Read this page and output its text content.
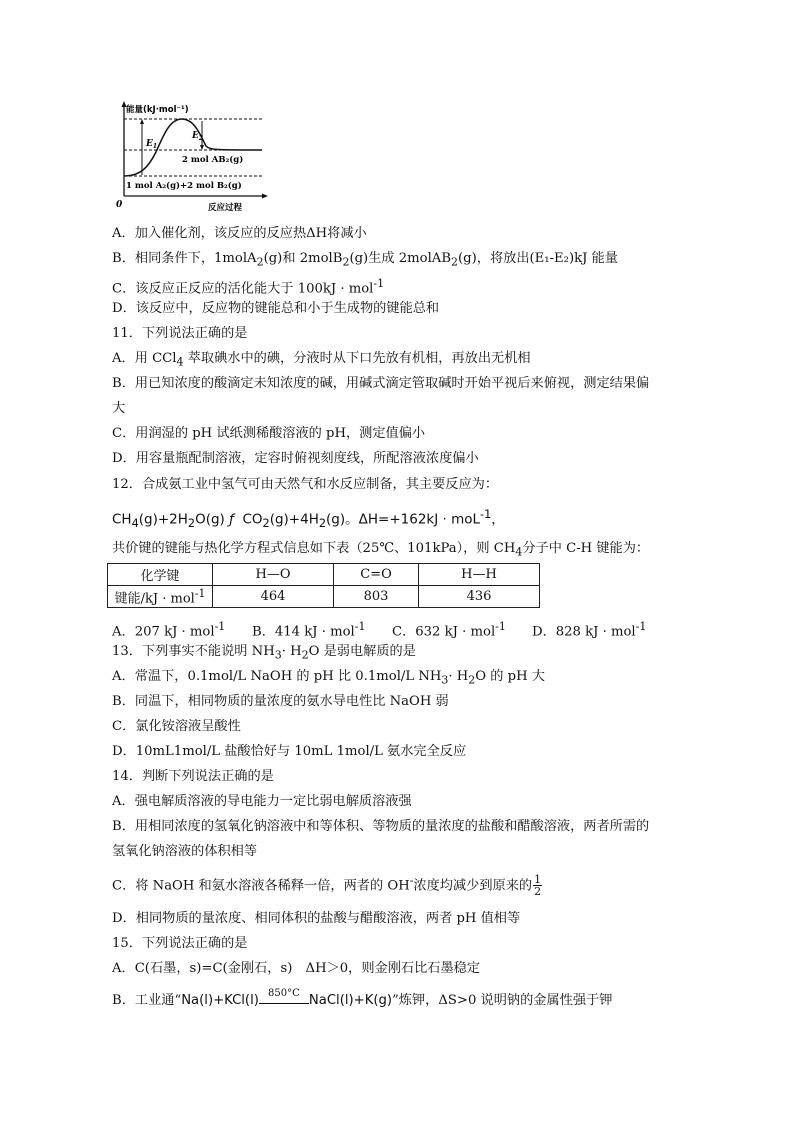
能量(kJ·mol⁻¹)
0	反应过程
$E_1$
$E_2$
2 mol AB₂(g)
1 mol A₂(g)+2 mol B₂(g)
A．加入催化剂，该反应的反应热ΔH将减小
B．相同条件下，1molA$_2$(g)和 2molB$_2$(g)生成 2molAB$_2$(g)，将放出(E₁-E₂)kJ 能量
C．该反应正反应的活化能大于 100kJ · mol$^{-1}$
D．该反应中，反应物的键能总和小于生成物的键能总和
11．下列说法正确的是
A．用 CCl$_4$ 萃取碘水中的碘，分液时从下口先放有机相，再放出无机相
B．用已知浓度的酸滴定未知浓度的碱，用碱式滴定管取碱时开始平视后来俯视，测定结果偏
大
C．用润湿的 pH 试纸测稀酸溶液的 pH，测定值偏小
D．用容量瓶配制溶液，定容时俯视刻度线，所配溶液浓度偏小
12．合成氨工业中氢气可由天然气和水反应制备，其主要反应为：
$CH_4(g)+2H_2O(g)$ ƒ $CO_2(g)+4H_2(g)$。ΔH=+162kJ · moL$^{-1}$，
共价键的键能与热化学方程式信息如下表（25℃、101kPa），则 $CH_4$分子中 C-H 键能为：
化学键	H—O	C=O	H—H
键能/kJ · mol$^{-1}$	464	803	436
A．207 kJ · mol$^{-1}$ B．414 kJ · mol$^{-1}$ C．632 kJ · mol$^{-1}$ D．828 kJ · mol$^{-1}$
13．下列事实不能说明 $NH_3\cdot H_2O$ 是弱电解质的是
A．常温下，0.1mol/L NaOH 的 pH 比 0.1mol/L $NH_3\cdot H_2O$ 的 pH 大
B．同温下，相同物质的量浓度的氨水导电性比 NaOH 弱
C．氯化铵溶液呈酸性
D．10mL1mol/L 盐酸恰好与 10mL 1mol/L 氨水完全反应
14．判断下列说法正确的是
A．强电解质溶液的导电能力一定比弱电解质溶液强
B．用相同浓度的氢氧化钠溶液中和等体积、等物质的量浓度的盐酸和醋酸溶液，两者所需的
氢氧化钠溶液的体积相等
C．将 NaOH 和氨水溶液各稀释一倍，两者的 OH-浓度均减少到原来的 $\frac{1}{2}$
D．相同物质的量浓度、相同体积的盐酸与醋酸溶液，两者 pH 值相等
15．下列说法正确的是
A．C(石墨，s)=C(金刚石，s)　ΔH＞0，则金刚石比石墨稳定
B．工业通“Na(l)+KCl(l) 850°C NaCl(l)+K(g)”炼钾，ΔS>0 说明钠的金属性强于钾
